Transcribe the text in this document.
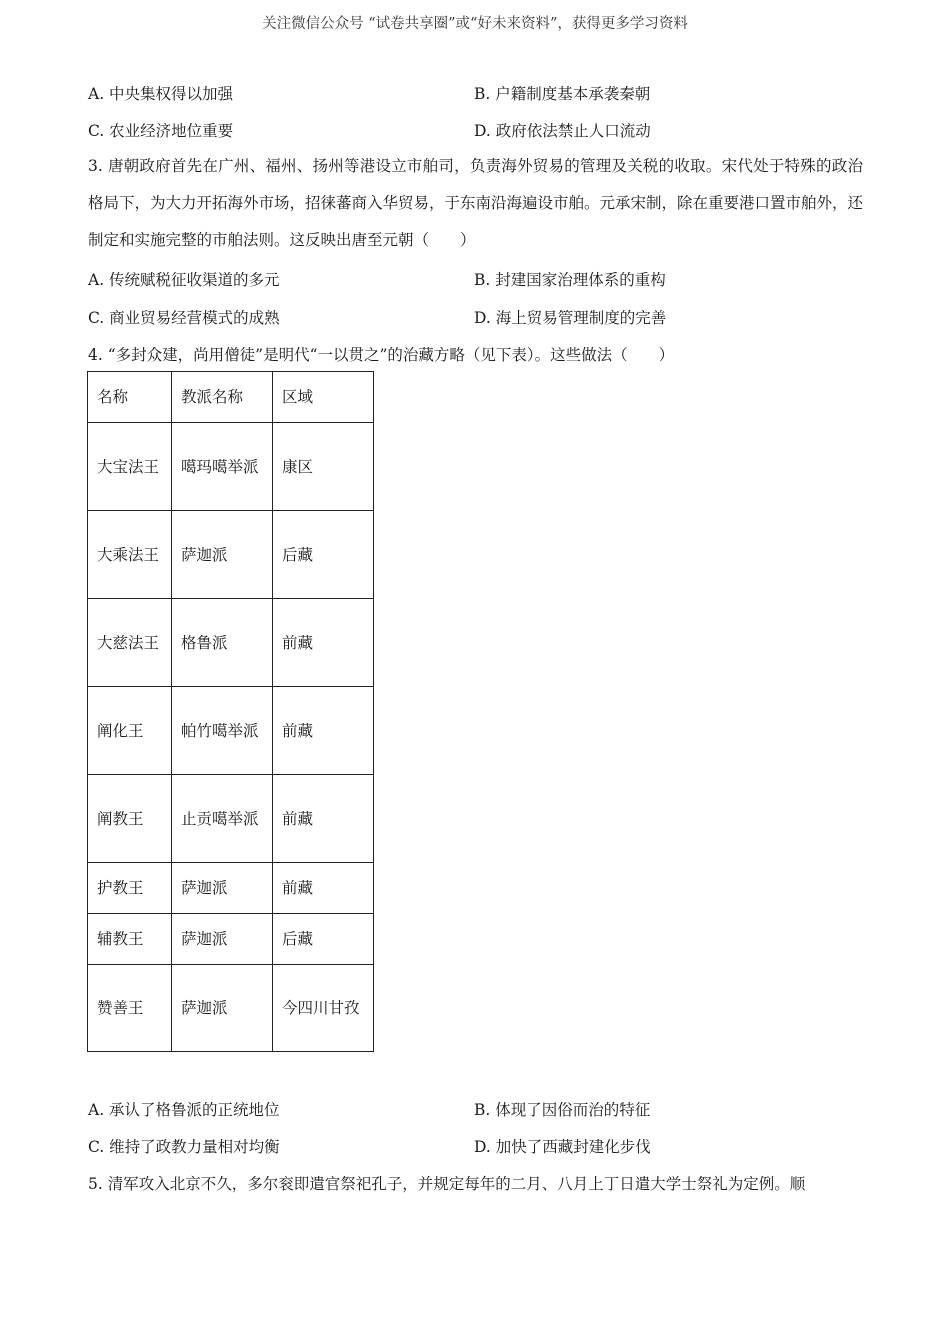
关注微信公众号 “试卷共享圈”或“好未来资料”，获得更多学习资料
A. 中央集权得以加强	B. 户籍制度基本承袭秦朝
C. 农业经济地位重要	D. 政府依法禁止人口流动
3. 唐朝政府首先在广州、福州、扬州等港设立市舶司，负责海外贸易的管理及关税的收取。宋代处于特殊的政治格局下，为大力开拓海外市场，招徕蕃商入华贸易，于东南沿海遍设市舶。元承宋制，除在重要港口置市舶外，还制定和实施完整的市舶法则。这反映出唐至元朝（　　）
A. 传统赋税征收渠道的多元	B. 封建国家治理体系的重构
C. 商业贸易经营模式的成熟	D. 海上贸易管理制度的完善
4. “多封众建，尚用僧徒”是明代“一以贯之”的治藏方略（见下表）。这些做法（　　）
名称	教派名称	区域
大宝法王	噶玛噶举派	康区
大乘法王	萨迦派	后藏
大慈法王	格鲁派	前藏
阐化王	帕竹噶举派	前藏
阐教王	止贡噶举派	前藏
护教王	萨迦派	前藏
辅教王	萨迦派	后藏
赞善王	萨迦派	今四川甘孜
A. 承认了格鲁派的正统地位	B. 体现了因俗而治的特征
C. 维持了政教力量相对均衡	D. 加快了西藏封建化步伐
5. 清军攻入北京不久，多尔衮即遣官祭祀孔子，并规定每年的二月、八月上丁日遣大学士祭礼为定例。顺
